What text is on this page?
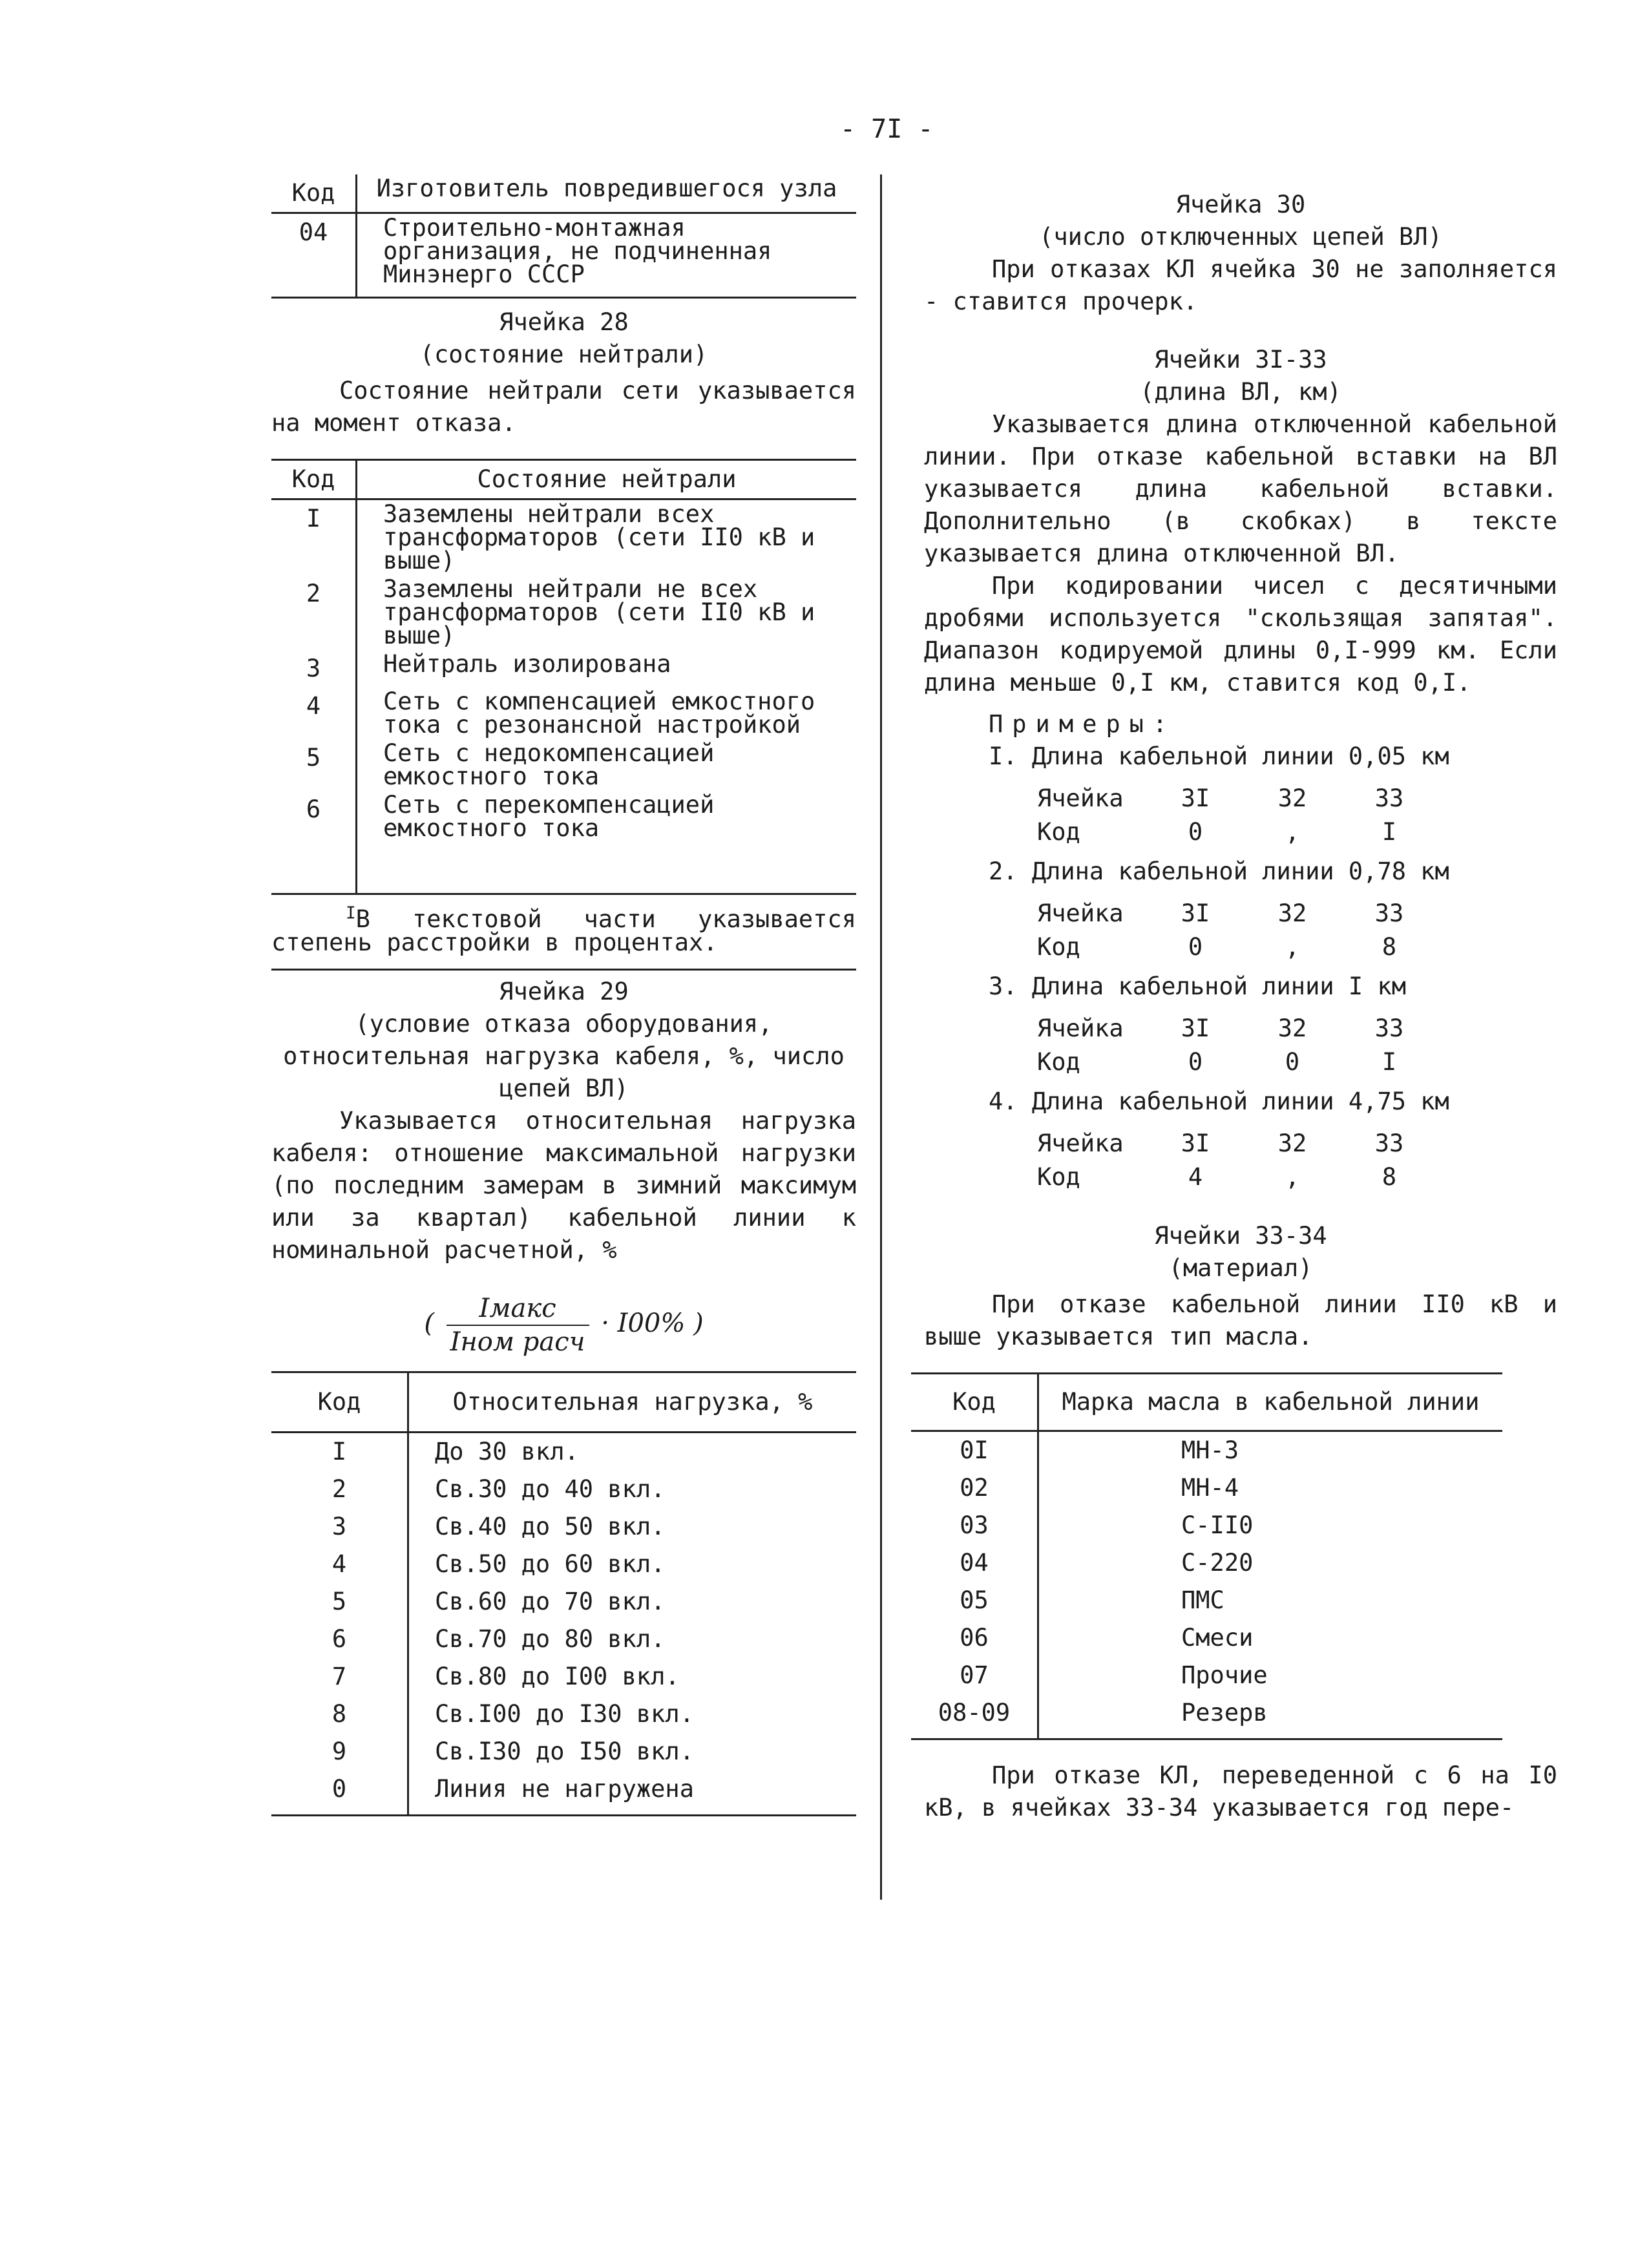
- 7I -
Код	Изготовитель повредившегося узла
04	Строительно-монтажная организация, не подчиненная Минэнерго СССР
Ячейка 28
(состояние нейтрали)

Состояние нейтрали сети указывается на момент отказа.

Код	Состояние нейтрали
I	Заземлены нейтрали всех трансформаторов (сети II0 кВ и выше)
2	Заземлены нейтрали не всех трансформаторов (сети II0 кВ и выше)
3	Нейтраль изолирована
4	Сеть с компенсацией емкостного тока с резонансной настройкой
5	Сеть с недокомпенсацией емкостного тока
6	Сеть с перекомпенсацией емкостного тока

$^I$В текстовой части указывается степень расстройки в процентах.

Ячейка 29
(условие отказа оборудования, относительная нагрузка кабеля, %, число цепей ВЛ)

Указывается относительная нагрузка кабеля: отношение максимальной нагрузки (по последним замерам в зимний максимум или за квартал) кабельной линии к номинальной расчетной, %

( $\frac{\text{Iмакс}}{\text{Iном расч}} \cdot I00\%$ )
Код	Относительная нагрузка, %
I	До 30 вкл.
2	Св.30 до 40 вкл.
3	Св.40 до 50 вкл.
4	Св.50 до 60 вкл.
5	Св.60 до 70 вкл.
6	Св.70 до 80 вкл.
7	Св.80 до I00 вкл.
8	Св.I00 до I30 вкл.
9	Св.I30 до I50 вкл.
0	Линия не нагружена
Ячейка 30
(число отключенных цепей ВЛ)

При отказах КЛ ячейка 30 не заполняется - ставится прочерк.

Ячейки 3I-33
(длина ВЛ, км)

Указывается длина отключенной кабельной линии. При отказе кабельной вставки на ВЛ указывается длина кабельной вставки. Дополнительно (в скобках) в тексте указывается длина отключенной ВЛ.

При кодировании чисел с десятичными дробями используется "скользящая запятая". Диапазон кодируемой длины 0,I-999 км. Если длина меньше 0,I км, ставится код 0,I.

Примеры:
I. Длина кабельной линии 0,05 км
Ячейка	3I	32	33
Код	0	,	I
2. Длина кабельной линии 0,78 км
Ячейка	3I	32	33
Код	0	,	8
3. Длина кабельной линии I км
Ячейка	3I	32	33
Код	0	0	I
4. Длина кабельной линии 4,75 км
Ячейка	3I	32	33
Код	4	,	8
Ячейки 33-34
(материал)

При отказе кабельной линии II0 кВ и выше указывается тип масла.

Код	Марка масла в кабельной линии
0I	МН-3
02	МН-4
03	С-II0
04	С-220
05	ПМС
06	Смеси
07	Прочие
08-09	Резерв

При отказе КЛ, переведенной с 6 на I0 кВ, в ячейках 33-34 указывается год пере-
